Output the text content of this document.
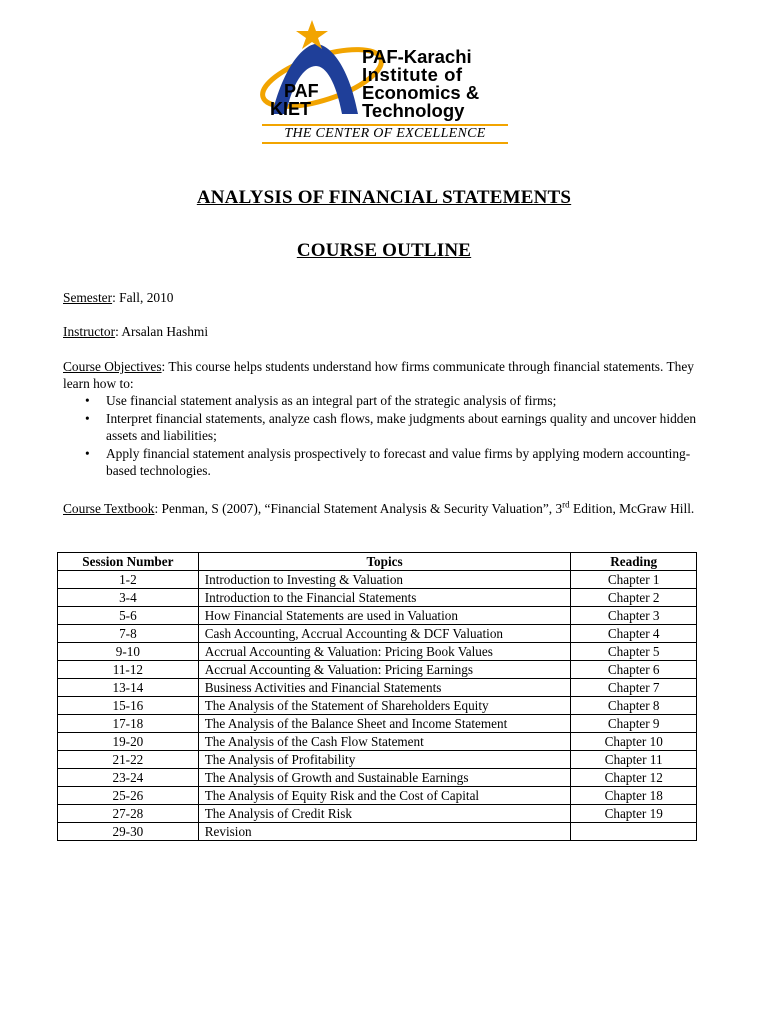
PAF-Karachi
Institute of
Economics &
Technology
PAF
KIET
THE CENTER OF EXCELLENCE
ANALYSIS OF FINANCIAL STATEMENTS
COURSE OUTLINE
Semester: Fall, 2010
Instructor: Arsalan Hashmi
Course Objectives: This course helps students understand how firms communicate through financial statements. They learn how to:
• Use financial statement analysis as an integral part of the strategic analysis of firms;
• Interpret financial statements, analyze cash flows, make judgments about earnings quality and uncover hidden assets and liabilities;
• Apply financial statement analysis prospectively to forecast and value firms by applying modern accounting-based technologies.
Course Textbook: Penman, S (2007), “Financial Statement Analysis & Security Valuation”, 3rd Edition, McGraw Hill.
Session Number	Topics	Reading
1-2	Introduction to Investing & Valuation	Chapter 1
3-4	Introduction to the Financial Statements	Chapter 2
5-6	How Financial Statements are used in Valuation	Chapter 3
7-8	Cash Accounting, Accrual Accounting & DCF Valuation	Chapter 4
9-10	Accrual Accounting & Valuation: Pricing Book Values	Chapter 5
11-12	Accrual Accounting & Valuation: Pricing Earnings	Chapter 6
13-14	Business Activities and Financial Statements	Chapter 7
15-16	The Analysis of the Statement of Shareholders Equity	Chapter 8
17-18	The Analysis of the Balance Sheet and Income Statement	Chapter 9
19-20	The Analysis of the Cash Flow Statement	Chapter 10
21-22	The Analysis of Profitability	Chapter 11
23-24	The Analysis of Growth and Sustainable Earnings	Chapter 12
25-26	The Analysis of Equity Risk and the Cost of Capital	Chapter 18
27-28	The Analysis of Credit Risk	Chapter 19
29-30	Revision	
